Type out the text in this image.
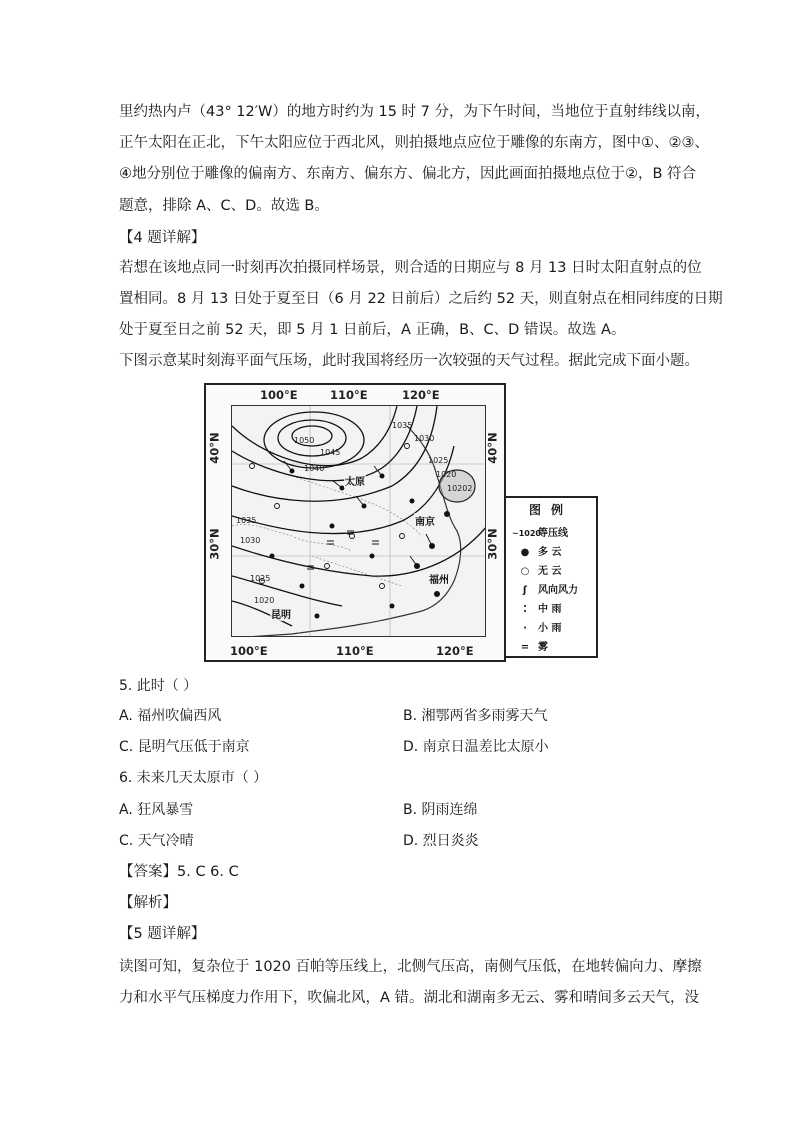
里约热内卢（43° 12′W）的地方时约为 15 时 7 分，为下午时间，当地位于直射纬线以南，
正午太阳在正北，下午太阳应位于西北风，则拍摄地点应位于雕像的东南方，图中①、②③、
④地分别位于雕像的偏南方、东南方、偏东方、偏北方，因此画面拍摄地点位于②，B 符合
题意，排除 A、C、D。故选 B。
【4 题详解】
若想在该地点同一时刻再次拍摄同样场景，则合适的日期应与 8 月 13 日时太阳直射点的位
置相同。8 月 13 日处于夏至日（6 月 22 日前后）之后约 52 天，则直射点在相同纬度的日期
处于夏至日之前 52 天，即 5 月 1 日前后，A 正确，B、C、D 错误。故选 A。
下图示意某时刻海平面气压场，此时我国将经历一次较强的天气过程。据此完成下面小题。
100°E	110°E	120°E
100°E	110°E	120°E
40°N
30°N
40°N
30°N
1050
1045
1040
1035
1030
1025
1020
1035
1030
1025
1020
10202
太原
南京
福州
昆明
图例
~1020等压线
● 多 云
○ 无 云
ʃ 风向风力
⁚ 中 雨
· 小 雨
= 雾
5. 此时（ ）
A. 福州吹偏西风	B. 湘鄂两省多雨雾天气
C. 昆明气压低于南京	D. 南京日温差比太原小
6. 未来几天太原市（ ）
A. 狂风暴雪	B. 阴雨连绵
C. 天气冷晴	D. 烈日炎炎
【答案】5. C 6. C
【解析】
【5 题详解】
读图可知，复杂位于 1020 百帕等压线上，北侧气压高，南侧气压低，在地转偏向力、摩擦
力和水平气压梯度力作用下，吹偏北风，A 错。湖北和湖南多无云、雾和晴间多云天气，没
